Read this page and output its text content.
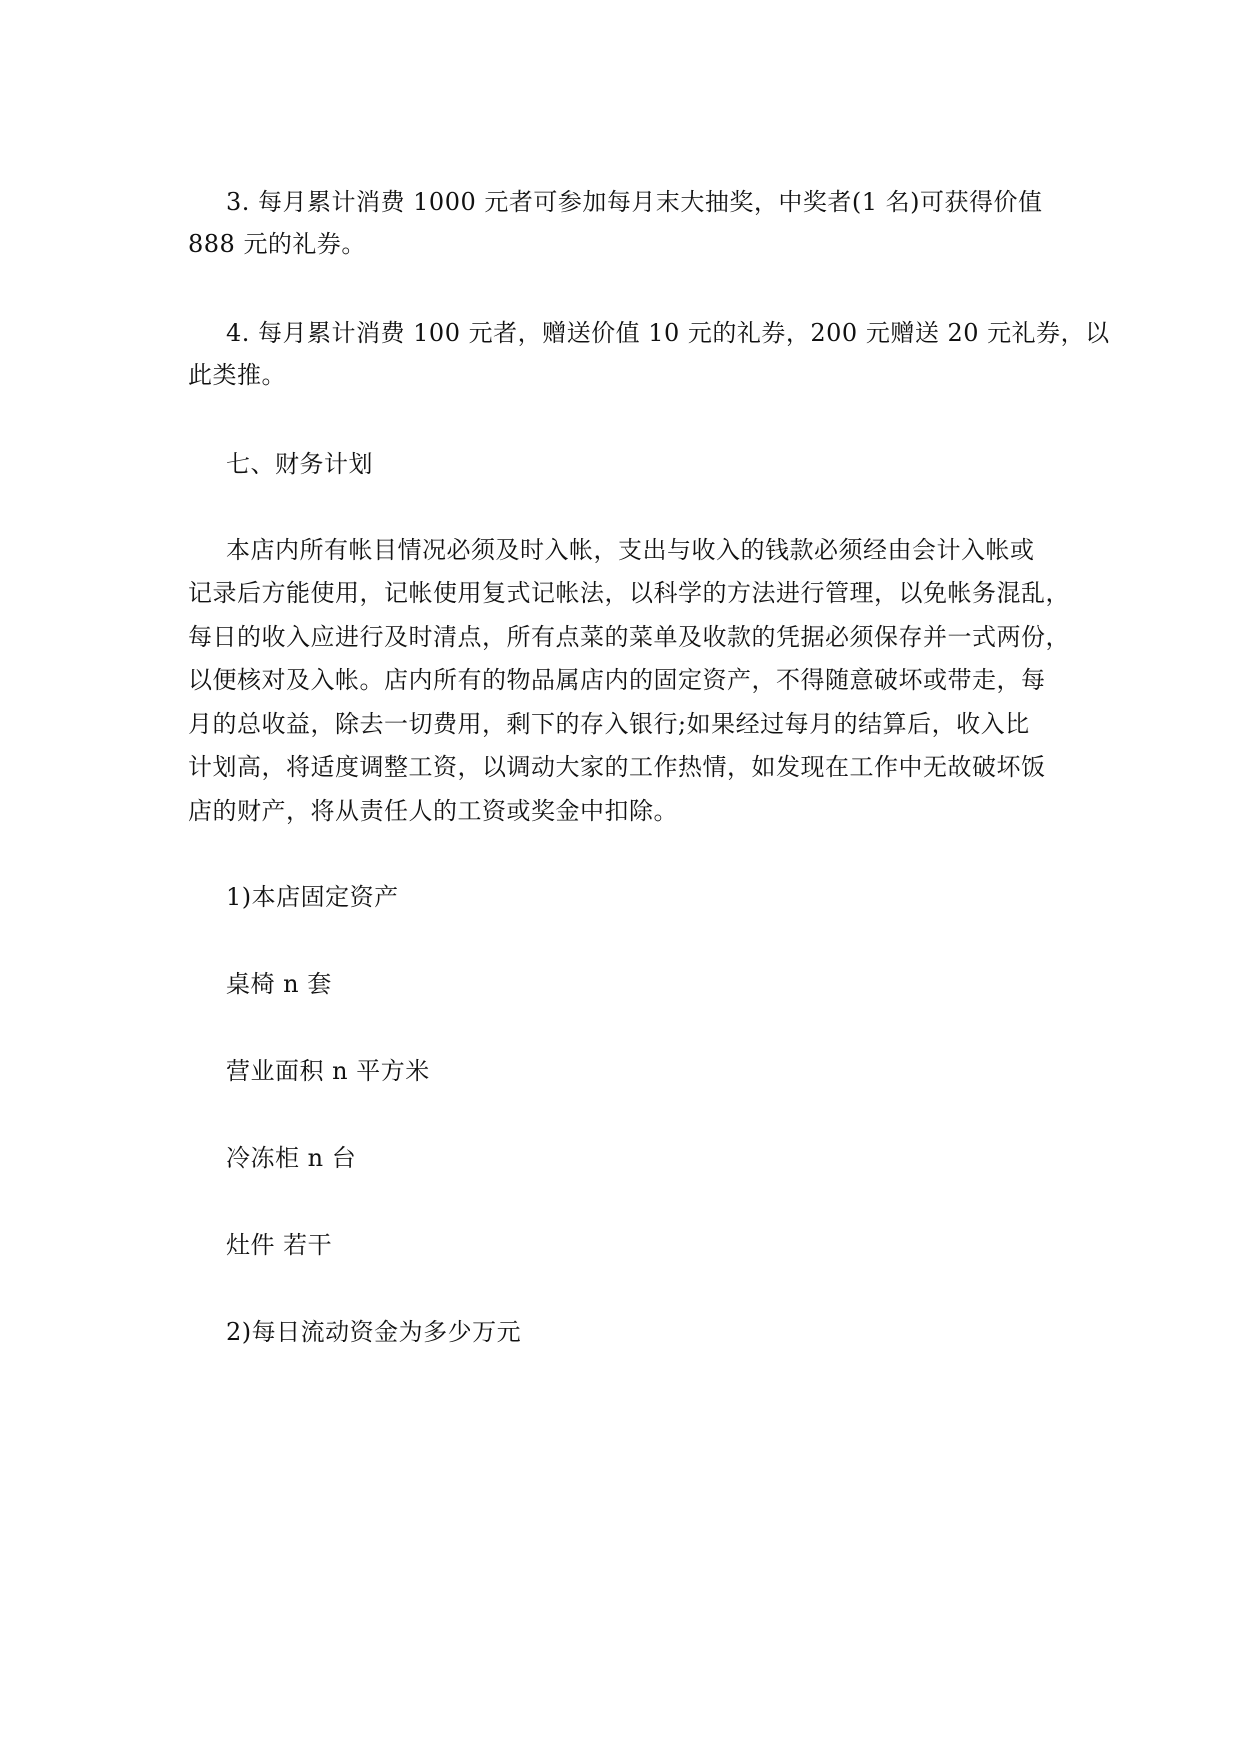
3. 每月累计消费 1000 元者可参加每月末大抽奖，中奖者(1 名)可获得价值
888 元的礼券。
4. 每月累计消费 100 元者，赠送价值 10 元的礼券，200 元赠送 20 元礼券，以
此类推。
七、财务计划
本店内所有帐目情况必须及时入帐，支出与收入的钱款必须经由会计入帐或
记录后方能使用，记帐使用复式记帐法，以科学的方法进行管理，以免帐务混乱，
每日的收入应进行及时清点，所有点菜的菜单及收款的凭据必须保存并一式两份，
以便核对及入帐。店内所有的物品属店内的固定资产，不得随意破坏或带走，每
月的总收益，除去一切费用，剩下的存入银行;如果经过每月的结算后，收入比
计划高，将适度调整工资，以调动大家的工作热情，如发现在工作中无故破坏饭
店的财产，将从责任人的工资或奖金中扣除。
1)本店固定资产
桌椅 n 套
营业面积 n 平方米
冷冻柜 n 台
灶件 若干
2)每日流动资金为多少万元
